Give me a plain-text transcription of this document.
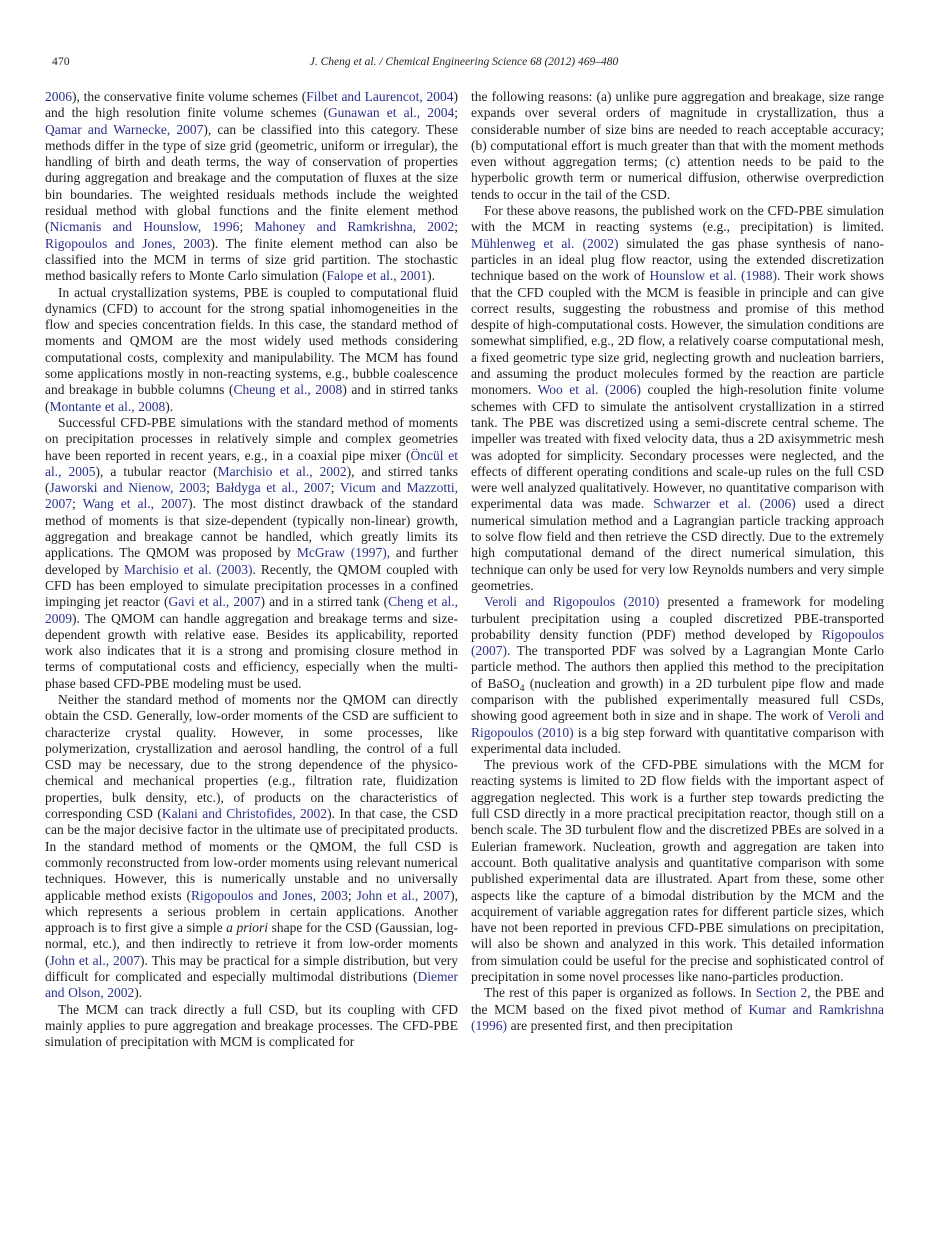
470	J. Cheng et al. / Chemical Engineering Science 68 (2012) 469–480

2006), the conservative finite volume schemes (Filbet and Laurencot, 2004) and the high resolution finite volume schemes (Gunawan et al., 2004; Qamar and Warnecke, 2007), can be classified into this category. These methods differ in the type of size grid (geometric, uniform or irregular), the handling of birth and death terms, the way of conservation of properties during aggregation and breakage and the computation of fluxes at the size bin boundaries. The weighted residuals methods include the weighted residual method with global functions and the finite element method (Nicmanis and Hounslow, 1996; Mahoney and Ramkrishna, 2002; Rigopoulos and Jones, 2003). The finite element method can also be classified into the MCM in terms of size grid partition. The stochastic method basically refers to Monte Carlo simulation (Falope et al., 2001).

In actual crystallization systems, PBE is coupled to computational fluid dynamics (CFD) to account for the strong spatial inhomogeneities in the flow and species concentration fields. In this case, the standard method of moments and QMOM are the most widely used methods considering computational costs, complexity and manipulability. The MCM has found some applications mostly in non-reacting systems, e.g., bubble coalescence and breakage in bubble columns (Cheung et al., 2008) and in stirred tanks (Montante et al., 2008).

Successful CFD-PBE simulations with the standard method of moments on precipitation processes in relatively simple and complex geometries have been reported in recent years, e.g., in a coaxial pipe mixer (Öncül et al., 2005), a tubular reactor (Marchisio et al., 2002), and stirred tanks (Jaworski and Nienow, 2003; Bałdyga et al., 2007; Vicum and Mazzotti, 2007; Wang et al., 2007). The most distinct drawback of the standard method of moments is that size-dependent (typically non-linear) growth, aggregation and breakage cannot be handled, which greatly limits its applications. The QMOM was proposed by McGraw (1997), and further developed by Marchisio et al. (2003). Recently, the QMOM coupled with CFD has been employed to simulate precipitation processes in a confined impinging jet reactor (Gavi et al., 2007) and in a stirred tank (Cheng et al., 2009). The QMOM can handle aggregation and breakage terms and size-dependent growth with relative ease. Besides its applicability, reported work also indicates that it is a strong and promising closure method in terms of computational costs and efficiency, especially when the multi-phase based CFD-PBE modeling must be used.

Neither the standard method of moments nor the QMOM can directly obtain the CSD. Generally, low-order moments of the CSD are sufficient to characterize crystal quality. However, in some processes, like polymerization, crystallization and aerosol handling, the control of a full CSD may be necessary, due to the strong dependence of the physico-chemical and mechanical properties (e.g., filtration rate, fluidization properties, bulk density, etc.), of products on the characteristics of corresponding CSD (Kalani and Christofides, 2002). In that case, the CSD can be the major decisive factor in the ultimate use of precipitated products. In the standard method of moments or the QMOM, the full CSD is commonly reconstructed from low-order moments using relevant numerical techniques. However, this is numerically unstable and no universally applicable method exists (Rigopoulos and Jones, 2003; John et al., 2007), which represents a serious problem in certain applications. Another approach is to first give a simple a priori shape for the CSD (Gaussian, log-normal, etc.), and then indirectly to retrieve it from low-order moments (John et al., 2007). This may be practical for a simple distribution, but very difficult for complicated and especially multimodal distributions (Diemer and Olson, 2002).

The MCM can track directly a full CSD, but its coupling with CFD mainly applies to pure aggregation and breakage processes. The CFD-PBE simulation of precipitation with MCM is complicated for

the following reasons: (a) unlike pure aggregation and breakage, size range expands over several orders of magnitude in crystallization, thus a considerable number of size bins are needed to reach acceptable accuracy; (b) computational effort is much greater than that with the moment methods even without aggregation terms; (c) attention needs to be paid to the hyperbolic growth term or numerical diffusion, otherwise overprediction tends to occur in the tail of the CSD.

For these above reasons, the published work on the CFD-PBE simulation with the MCM in reacting systems (e.g., precipitation) is limited. Mühlenweg et al. (2002) simulated the gas phase synthesis of nano-particles in an ideal plug flow reactor, using the extended discretization technique based on the work of Hounslow et al. (1988). Their work shows that the CFD coupled with the MCM is feasible in principle and can give correct results, suggesting the robustness and promise of this method despite of high-computational costs. However, the simulation conditions are somewhat simplified, e.g., 2D flow, a relatively coarse computational mesh, a fixed geometric type size grid, neglecting growth and nucleation barriers, and assuming the product molecules formed by the reaction are particle monomers. Woo et al. (2006) coupled the high-resolution finite volume schemes with CFD to simulate the antisolvent crystallization in a stirred tank. The PBE was discretized using a semi-discrete central scheme. The impeller was treated with fixed velocity data, thus a 2D axisymmetric mesh was adopted for simplicity. Secondary processes were neglected, and the effects of different operating conditions and scale-up rules on the full CSD were well analyzed qualitatively. However, no quantitative comparison with experimental data was made. Schwarzer et al. (2006) used a direct numerical simulation method and a Lagrangian particle tracking approach to solve flow field and then retrieve the CSD directly. Due to the extremely high computational demand of the direct numerical simulation, this technique can only be used for very low Reynolds numbers and very simple geometries.

Veroli and Rigopoulos (2010) presented a framework for modeling turbulent precipitation using a coupled discretized PBE-transported probability density function (PDF) method developed by Rigopoulos (2007). The transported PDF was solved by a Lagrangian Monte Carlo particle method. The authors then applied this method to the precipitation of BaSO$_4$ (nucleation and growth) in a 2D turbulent pipe flow and made comparison with the published experimentally measured full CSDs, showing good agreement both in size and in shape. The work of Veroli and Rigopoulos (2010) is a big step forward with quantitative comparison with experimental data included.

The previous work of the CFD-PBE simulations with the MCM for reacting systems is limited to 2D flow fields with the important aspect of aggregation neglected. This work is a further step towards predicting the full CSD directly in a more practical precipitation reactor, though still on a bench scale. The 3D turbulent flow and the discretized PBEs are solved in a Eulerian framework. Nucleation, growth and aggregation are taken into account. Both qualitative analysis and quantitative comparison with some published experimental data are illustrated. Apart from these, some other aspects like the capture of a bimodal distribution by the MCM and the acquirement of variable aggregation rates for different particle sizes, which have not been reported in previous CFD-PBE simulations on precipitation, will also be shown and analyzed in this work. This detailed information from simulation could be useful for the precise and sophisticated control of precipitation in some novel processes like nano-particles production.

The rest of this paper is organized as follows. In Section 2, the PBE and the MCM based on the fixed pivot method of Kumar and Ramkrishna (1996) are presented first, and then precipitation
